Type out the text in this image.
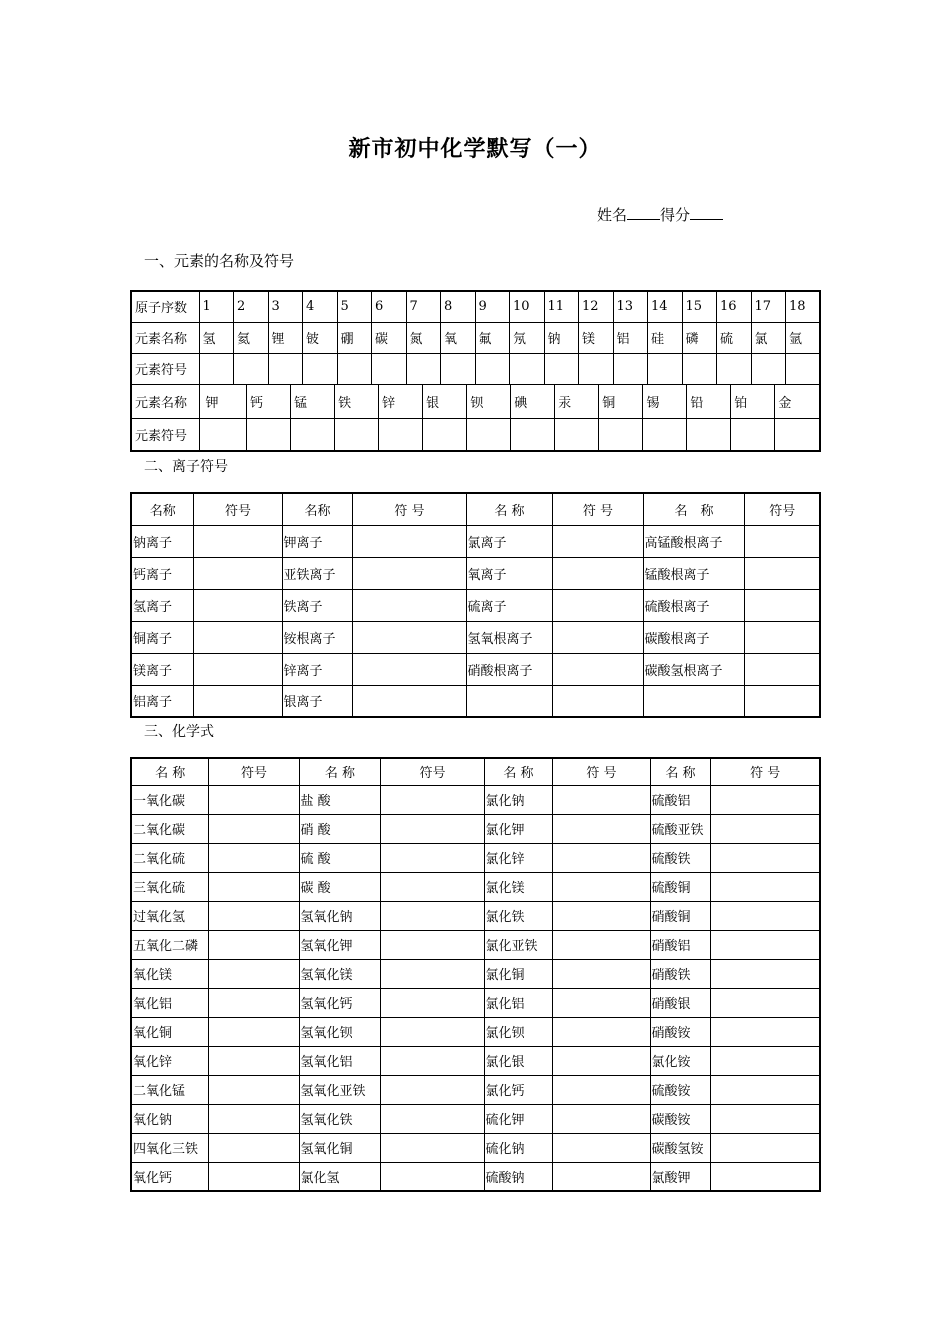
新市初中化学默写（一）
姓名 得分
一、元素的名称及符号
原子序数	1	2	3	4	5	6	7	8	9	10	11	12	13	14	15	16	17	18
元素名称	氢	氦	锂	铍	硼	碳	氮	氧	氟	氖	钠	镁	铝	硅	磷	硫	氯	氩
元素符号																		
元素名称	钾	钙	锰	铁	锌	银	钡	碘	汞	铜	锡	铅	铂	金

元素符号	

二、离子符号
名称	符号	名称	符 号	名 称	符 号	名　称	符号
钠离子		钾离子		氯离子		高锰酸根离子	
钙离子		亚铁离子		氧离子		锰酸根离子	
氢离子		铁离子		硫离子		硫酸根离子	
铜离子		铵根离子		氢氧根离子		碳酸根离子	
镁离子		锌离子		硝酸根离子		碳酸氢根离子	
铝离子		银离子					
三、化学式
名 称	符号	名 称	符号	名 称	符 号	名 称	符 号
一氧化碳		盐 酸		氯化钠		硫酸铝	
二氧化碳		硝 酸		氯化钾		硫酸亚铁	
二氧化硫		硫 酸		氯化锌		硫酸铁	
三氧化硫		碳 酸		氯化镁		硫酸铜	
过氧化氢		氢氧化钠		氯化铁		硝酸铜	
五氧化二磷		氢氧化钾		氯化亚铁		硝酸铝	
氧化镁		氢氧化镁		氯化铜		硝酸铁	
氧化铝		氢氧化钙		氯化铝		硝酸银	
氧化铜		氢氧化钡		氯化钡		硝酸铵	
氧化锌		氢氧化铝		氯化银		氯化铵	
二氧化锰		氢氧化亚铁		氯化钙		硫酸铵	
氧化钠		氢氧化铁		硫化钾		碳酸铵	
四氧化三铁		氢氧化铜		硫化钠		碳酸氢铵	
氧化钙		氯化氢		硫酸钠		氯酸钾	
